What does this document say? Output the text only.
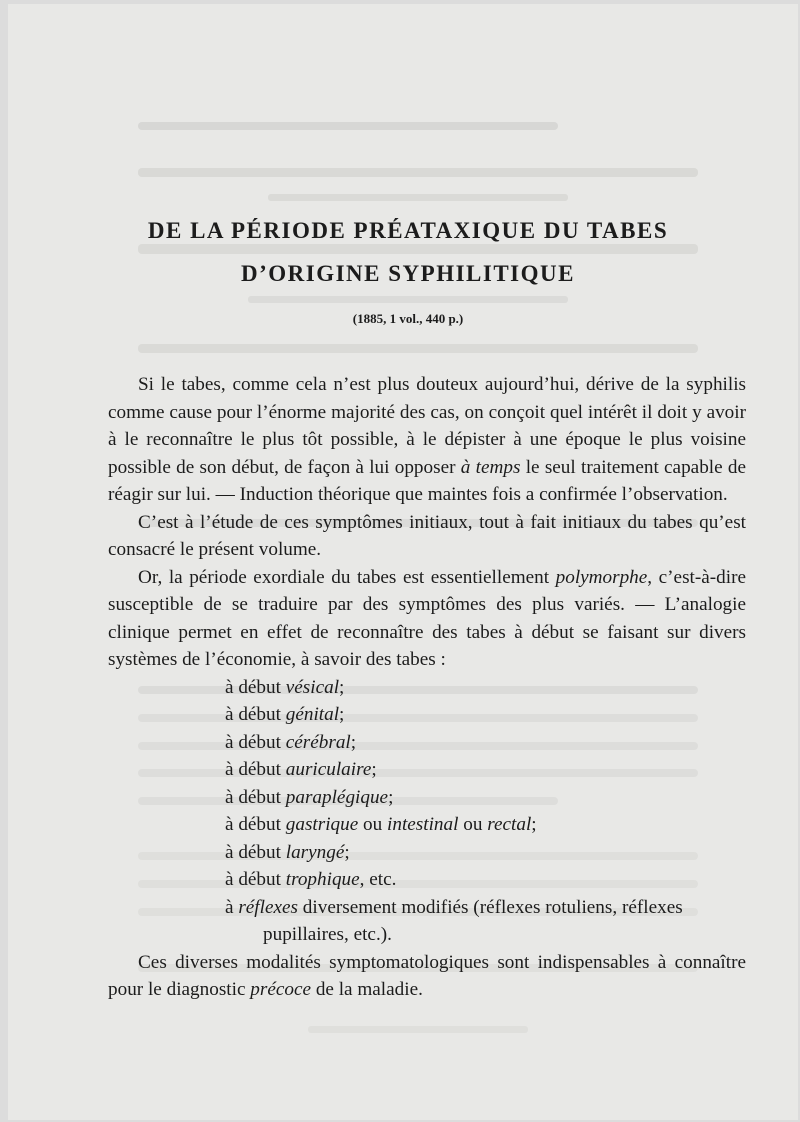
DE LA PÉRIODE PRÉATAXIQUE DU TABES
D’ORIGINE SYPHILITIQUE
(1885, 1 vol., 440 p.)

Si le tabes, comme cela n’est plus douteux aujourd’hui, dérive de la syphilis comme cause pour l’énorme majorité des cas, on conçoit quel intérêt il doit y avoir à le reconnaître le plus tôt possible, à le dépister à une époque le plus voisine possible de son début, de façon à lui opposer à temps le seul traitement capable de réagir sur lui. — Induction théorique que maintes fois a confirmée l’observation.

C’est à l’étude de ces symptômes initiaux, tout à fait initiaux du tabes qu’est consacré le présent volume.

Or, la période exordiale du tabes est essentiellement polymorphe, c’est-à-dire susceptible de se traduire par des symptômes des plus variés. — L’analogie clinique permet en effet de reconnaître des tabes à début se faisant sur divers systèmes de l’économie, à savoir des tabes :

à début vésical;
à début génital;
à début cérébral;
à début auriculaire;
à début paraplégique;
à début gastrique ou intestinal ou rectal;
à début laryngé;
à début trophique, etc.
à réflexes diversement modifiés (réflexes rotuliens, réflexes
pupillaires, etc.).

Ces diverses modalités symptomatologiques sont indispensables à connaître pour le diagnostic précoce de la maladie.
